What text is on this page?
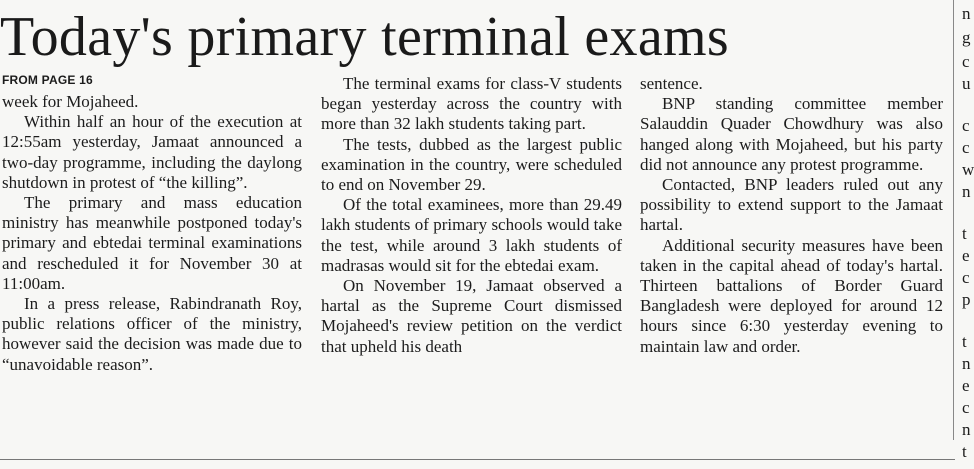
Today's primary terminal exams
FROM PAGE 16

week for Mojaheed.

Within half an hour of the execution at 12:55am yesterday, Jamaat announced a two-day programme, including the daylong shutdown in protest of “the killing”.

The primary and mass education ministry has meanwhile postponed today's primary and ebtedai terminal examinations and rescheduled it for November 30 at 11:00am.

In a press release, Rabindranath Roy, public relations officer of the ministry, however said the decision was made due to “unavoidable reason”.

The terminal exams for class-V students began yesterday across the country with more than 32 lakh students taking part.

The tests, dubbed as the largest public examination in the country, were scheduled to end on November 29.

Of the total examinees, more than 29.49 lakh students of primary schools would take the test, while around 3 lakh students of madrasas would sit for the ebtedai exam.

On November 19, Jamaat observed a hartal as the Supreme Court dismissed Mojaheed's review petition on the verdict that upheld his death

sentence.

BNP standing committee member Salauddin Quader Chowdhury was also hanged along with Mojaheed, but his party did not announce any protest programme.

Contacted, BNP leaders ruled out any possibility to extend support to the Jamaat hartal.

Additional security measures have been taken in the capital ahead of today's hartal. Thirteen battalions of Border Guard Bangladesh were deployed for around 12 hours since 6:30 yesterday evening to maintain law and order.

n
g
c
u
c
c
w
n
t
e
c
p
t
n
e
c
n
t
